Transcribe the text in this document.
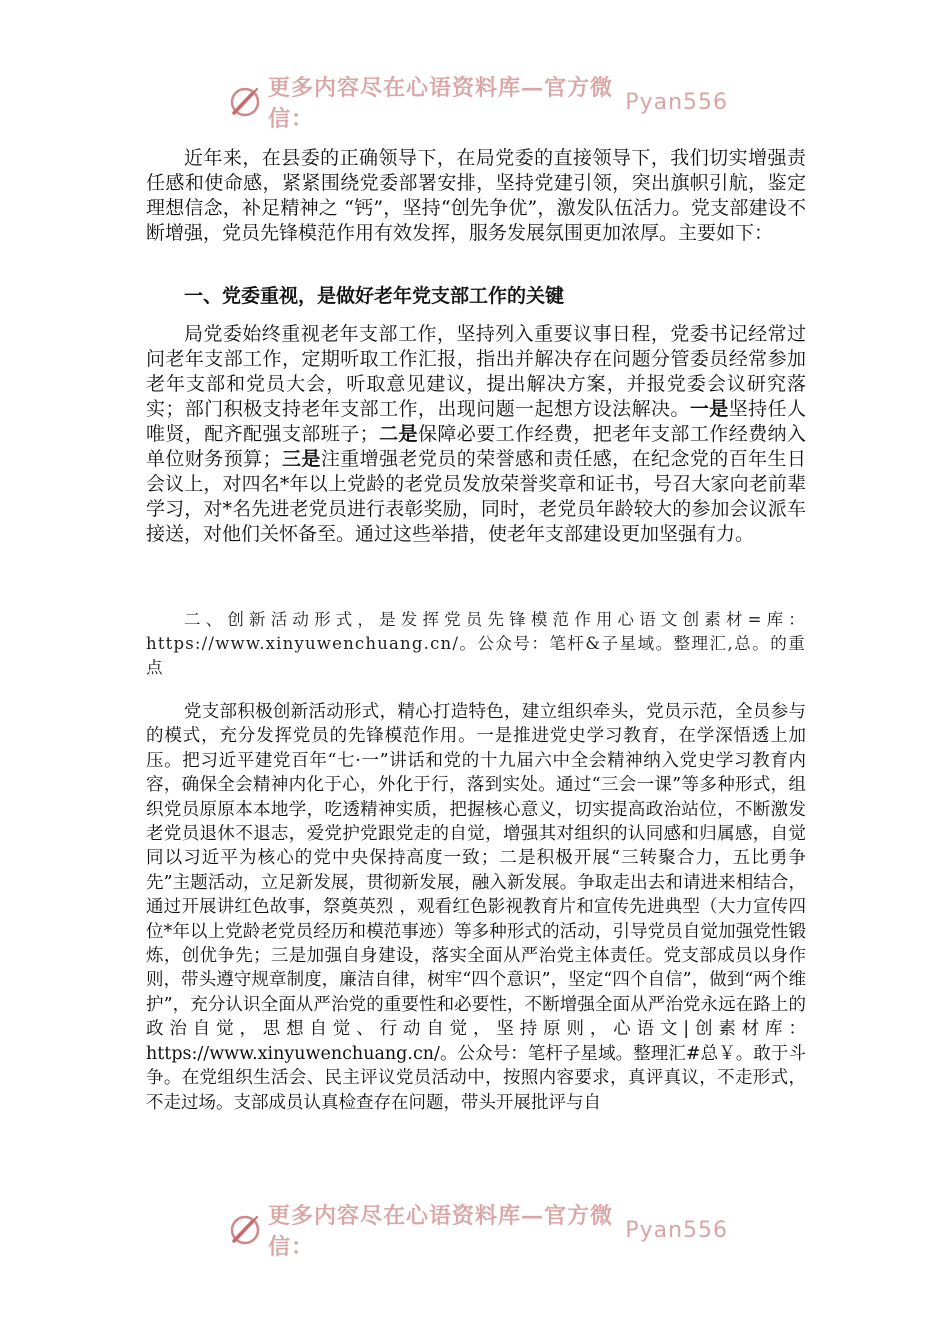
更多内容尽在心语资料库—官方微信：
Pyan556

近年来，在县委的正确领导下，在局党委的直接领导下，我们切实增强责任感和使命感，紧紧围绕党委部署安排，坚持党建引领，突出旗帜引航，鉴定理想信念，补足精神之 “钙”，坚持“创先争优”，激发队伍活力。党支部建设不断增强，党员先锋模范作用有效发挥，服务发展氛围更加浓厚。主要如下：

一、党委重视，是做好老年党支部工作的关键

局党委始终重视老年支部工作，坚持列入重要议事日程，党委书记经常过问老年支部工作，定期听取工作汇报，指出并解决存在问题分管委员经常参加老年支部和党员大会，听取意见建议，提出解决方案，并报党委会议研究落实；部门积极支持老年支部工作，出现问题一起想方设法解决。一是坚持任人唯贤，配齐配强支部班子；二是保障必要工作经费，把老年支部工作经费纳入单位财务预算；三是注重增强老党员的荣誉感和责任感，在纪念党的百年生日会议上，对四名*年以上党龄的老党员发放荣誉奖章和证书，号召大家向老前辈学习，对*名先进老党员进行表彰奖励，同时，老党员年龄较大的参加会议派车接送，对他们关怀备至。通过这些举措，使老年支部建设更加坚强有力。

二、创新活动形式，是发挥党员先锋模范作用心语文创素材=库：https://www.xinyuwenchuang.cn/。公众号：笔杆&子星域。整理汇,总。的重点

党支部积极创新活动形式，精心打造特色，建立组织牵头，党员示范，全员参与的模式，充分发挥党员的先锋模范作用。一是推进党史学习教育，在学深悟透上加压。把习近平建党百年“七·一”讲话和党的十九届六中全会精神纳入党史学习教育内容，确保全会精神内化于心，外化于行，落到实处。通过“三会一课”等多种形式，组织党员原原本本地学，吃透精神实质，把握核心意义，切实提高政治站位，不断激发老党员退休不退志，爱党护党跟党走的自觉，增强其对组织的认同感和归属感，自觉同以习近平为核心的党中央保持高度一致；二是积极开展“三转聚合力，五比勇争先”主题活动，立足新发展，贯彻新发展，融入新发展。争取走出去和请进来相结合，通过开展讲红色故事，祭奠英烈 ，观看红色影视教育片和宣传先进典型（大力宣传四位*年以上党龄老党员经历和模范事迹）等多种形式的活动，引导党员自觉加强党性锻炼，创优争先；三是加强自身建设，落实全面从严治党主体责任。党支部成员以身作则，带头遵守规章制度，廉洁自律，树牢“四个意识”，坚定“四个自信”，做到“两个维护”，充分认识全面从严治党的重要性和必要性，不断增强全面从严治党永远在路上的政治自觉，思想自觉、行动自觉，坚持原则，心语文|创素材库：https://www.xinyuwenchuang.cn/。公众号：笔杆子星域。整理汇#总￥。敢于斗争。在党组织生活会、民主评议党员活动中，按照内容要求，真评真议，不走形式，不走过场。支部成员认真检查存在问题，带头开展批评与自

更多内容尽在心语资料库—官方微信：
Pyan556
